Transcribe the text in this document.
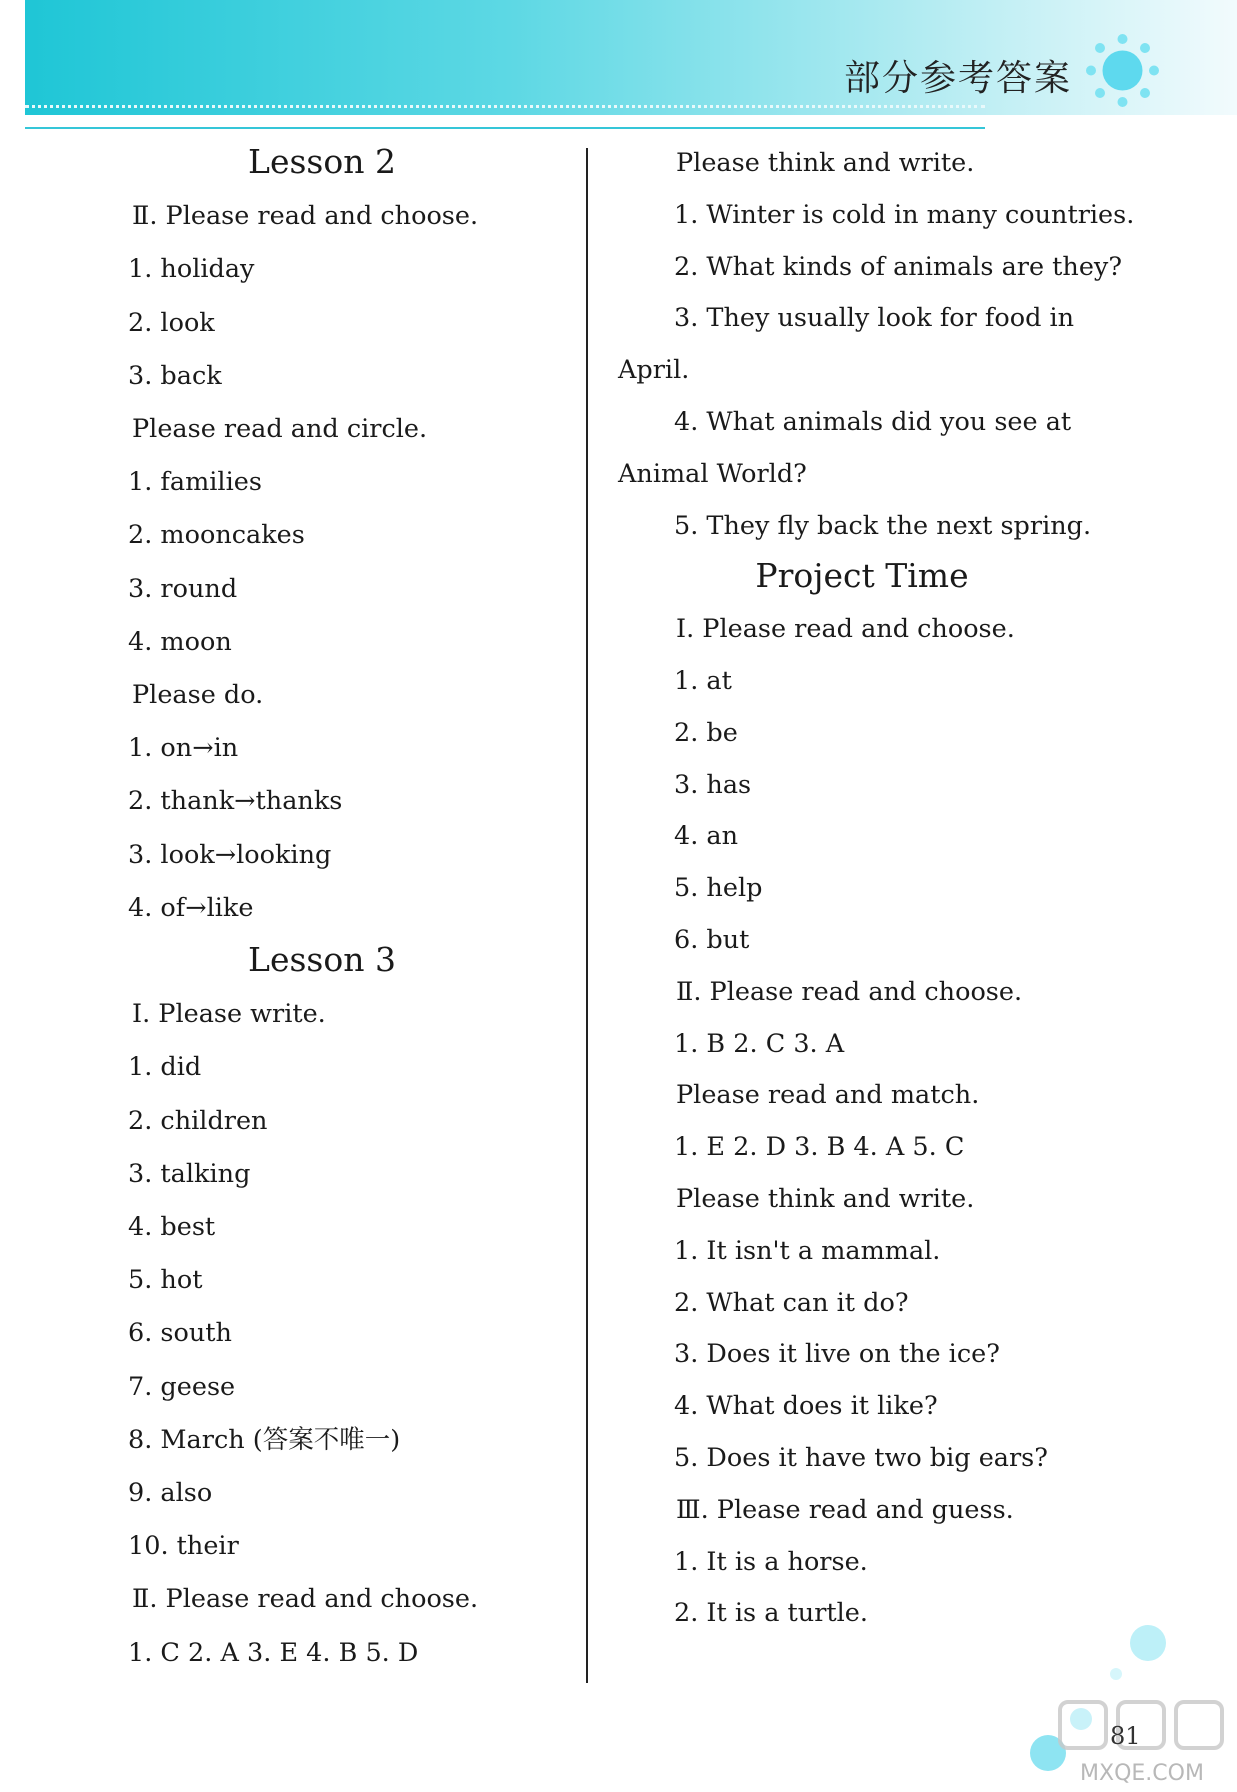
部分参考答案
Lesson 2
Ⅱ. Please read and choose.
1. holiday
2. look
3. back
Please read and circle.
1. families
2. mooncakes
3. round
4. moon
Please do.
1. on→in
2. thank→thanks
3. look→looking
4. of→like
Lesson 3
Ⅰ. Please write.
1. did
2. children
3. talking
4. best
5. hot
6. south
7. geese
8. March (答案不唯一)
9. also
10. their
Ⅱ. Please read and choose.
1. C 2. A 3. E 4. B 5. D
Please think and write.
1. Winter is cold in many countries.
2. What kinds of animals are they?
3. They usually look for food in
April.
4. What animals did you see at
Animal World?
5. They fly back the next spring.
Project Time
Ⅰ. Please read and choose.
1. at
2. be
3. has
4. an
5. help
6. but
Ⅱ. Please read and choose.
1. B 2. C 3. A
Please read and match.
1. E 2. D 3. B 4. A 5. C
Please think and write.
1. It isn't a mammal.
2. What can it do?
3. Does it live on the ice?
4. What does it like?
5. Does it have two big ears?
Ⅲ. Please read and guess.
1. It is a horse.
2. It is a turtle.
MXQE.COM
81
